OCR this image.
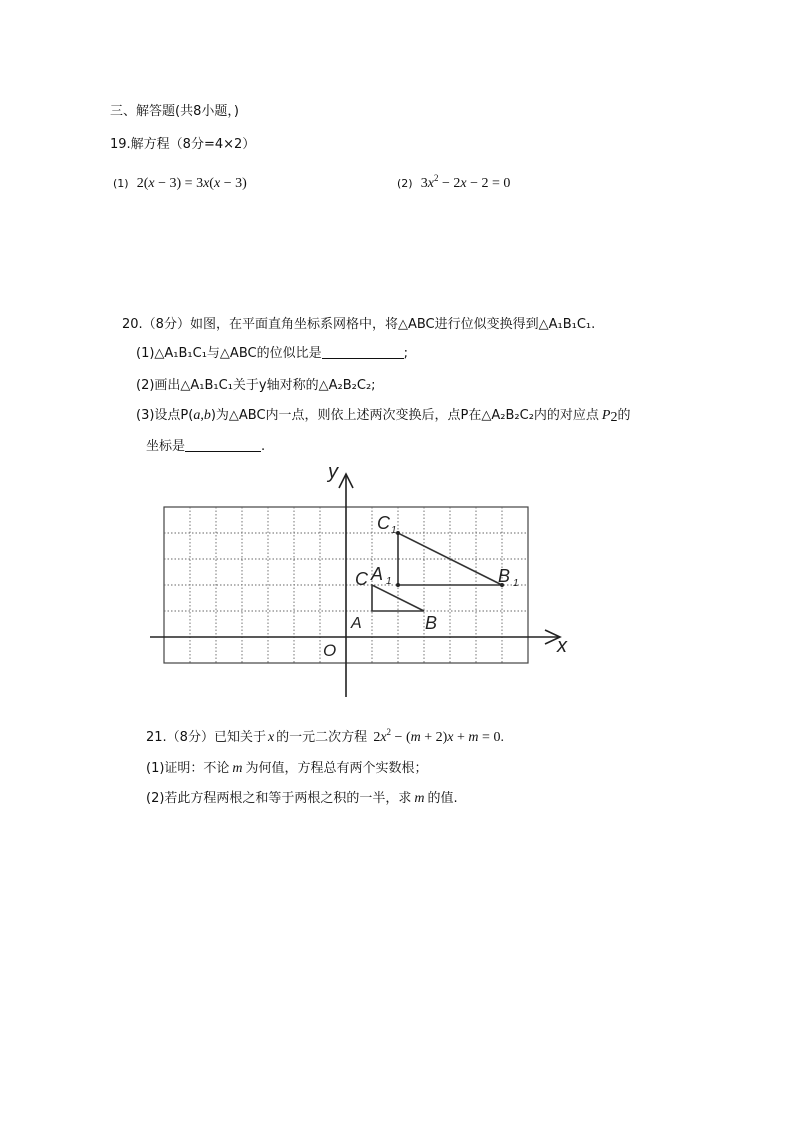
三、解答题(共8小题，)
19.解方程（8分=4×2）
(1) 2(x − 3) = 3x(x − 3)	(2) $3x^2 - 2x - 2 = 0$
20.（8分）如图，在平面直角坐标系网格中，将△ABC进行位似变换得到△A₁B₁C₁.
(1)△A₁B₁C₁与△ABC的位似比是	;
(2)画出△A₁B₁C₁关于y轴对称的△A₂B₂C₂;
(3)设点P(a,b)为△ABC内一点，则依上述两次变换后，点P在△A₂B₂C₂内的对应点 $P_2$的
坐标是	.
x
y
O
A	B
C A 1	B 1
C 1
21.（8分）已知关于 x 的一元二次方程 $2x^2 - (m + 2)x + m = 0$.
(1)证明：不论 m 为何值，方程总有两个实数根；
(2)若此方程两根之和等于两根之积的一半，求 m 的值.
